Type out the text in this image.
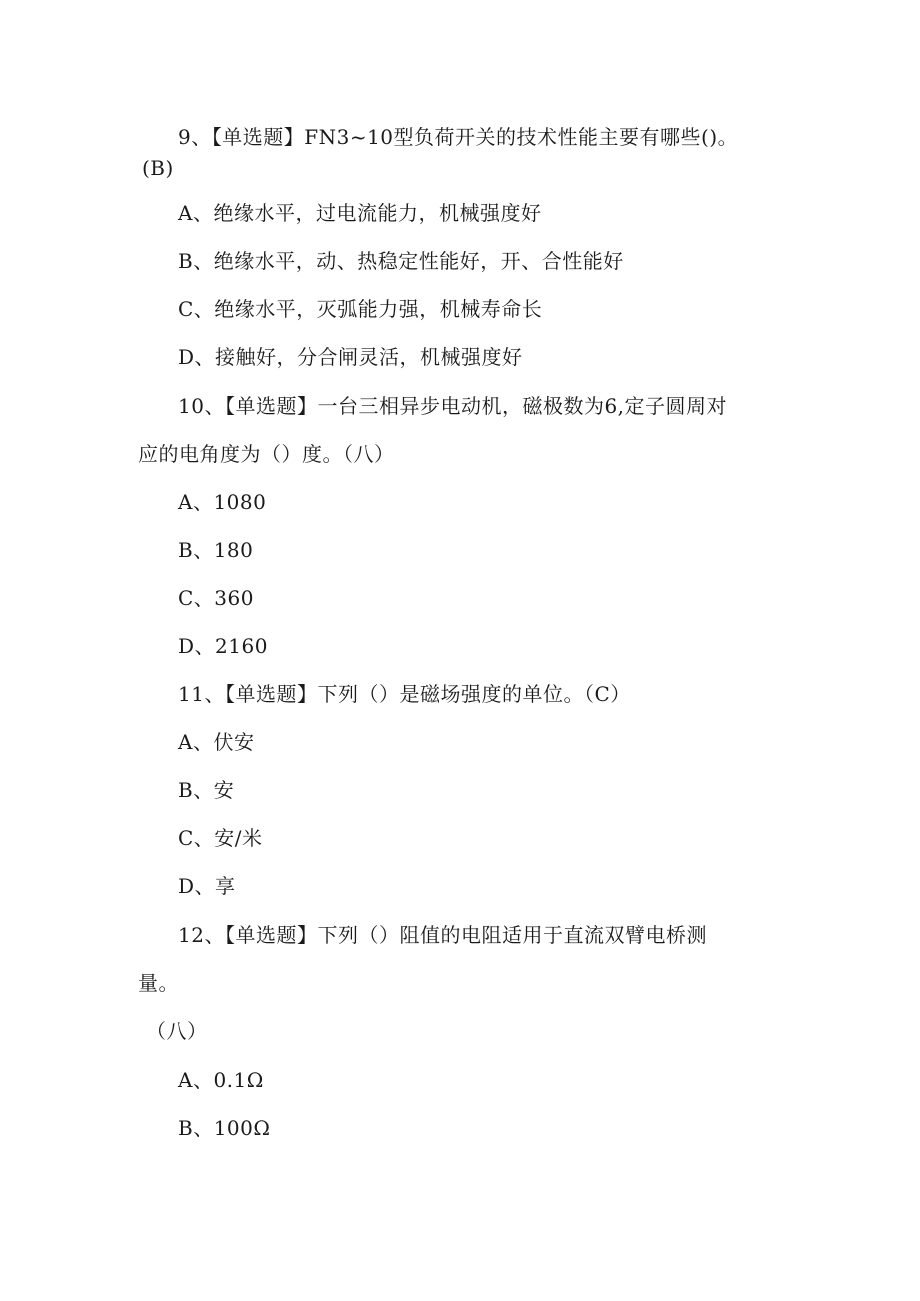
9、【单选题】FN3~10型负荷开关的技术性能主要有哪些()。
(B)
A、绝缘水平，过电流能力，机械强度好
B、绝缘水平，动、热稳定性能好，开、合性能好
C、绝缘水平，灭弧能力强，机械寿命长
D、接触好，分合闸灵活，机械强度好
10、【单选题】一台三相异步电动机，磁极数为6,定子圆周对
应的电角度为（）度。（八）
A、1080
B、180
C、360
D、2160
11、【单选题】下列（）是磁场强度的单位。（C）
A、伏安
B、安
C、安/米
D、享
12、【单选题】下列（）阻值的电阻适用于直流双臂电桥测
量。
（八）
A、0.1Ω
B、100Ω
